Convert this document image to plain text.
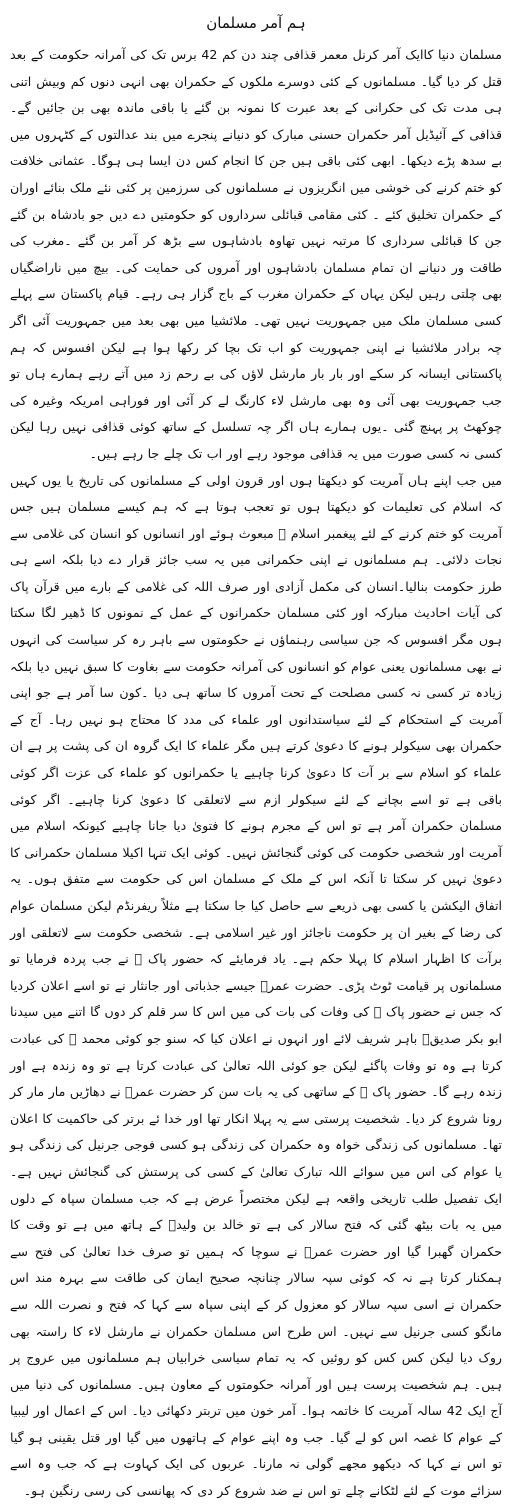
ہم آمر مسلمان

مسلمان دنیا کاایک آمر کرنل معمر قذافی چند دن کم 42 برس تک کی آمرانہ حکومت کے بعد قتل کر دیا گیا۔ مسلمانوں کے کئی دوسرے ملکوں کے حکمران بھی انہی دنوں کم وبیش اتنی ہی مدت تک کی حکرانی کے بعد عبرت کا نمونہ بن گئے یا باقی ماندہ بھی بن جائیں گے۔ قذافی کے آئیڈیل آمر حکمران حسنی مبارک کو دنیانے پنجرے میں بند عدالتوں کے کٹہروں میں بے سدھ پڑے دیکھا۔ ابھی کئی باقی ہیں جن کا انجام کس دن ایسا ہی ہوگا۔ عثمانی خلافت کو ختم کرنے کی خوشی میں انگریزوں نے مسلمانوں کی سرزمین پر کئی نئے ملک بنائے اوران کے حکمران تخلیق کئے ۔ کئی مقامی قبائلی سرداروں کو حکومتیں دے دیں جو بادشاہ بن گئے جن کا قبائلی سرداری کا مرتبہ نہیں تھاوہ بادشاہوں سے بڑھ کر آمر بن گئے ۔مغرب کی طاقت ور دنیانے ان تمام مسلمان بادشاہوں اور آمروں کی حمایت کی۔ بیچ میں ناراضگیاں بھی چلتی رہیں لیکن یہاں کے حکمران مغرب کے باج گزار ہی رہے۔ قیام پاکستان سے پہلے کسی مسلمان ملک میں جمہوریت نہیں تھی۔ ملائشیا میں بھی بعد میں جمہوریت آئی اگر چہ برادر ملائشیا نے اپنی جمہوریت کو اب تک بچا کر رکھا ہوا ہے لیکن افسوس کہ ہم پاکستانی ایسانہ کر سکے اور بار بار مارشل لاؤں کی بے رحم زد میں آتے رہے ہمارے ہاں تو جب جمہوریت بھی آئی وہ بھی مارشل لاء کارنگ لے کر آئی اور فوراہی امریکہ وغیرہ کی چوکھٹ پر پہنچ گئی ۔یوں ہمارے ہاں اگر چہ تسلسل کے ساتھ کوئی قذافی نہیں رہا لیکن کسی نہ کسی صورت میں یہ قذافی موجود رہے اور اب تک چلے جا رہے ہیں۔

میں جب اپنے ہاں آمریت کو دیکھتا ہوں اور قرون اولی کے مسلمانوں کی تاریخ یا یوں کہیں کہ اسلام کی تعلیمات کو دیکھتا ہوں تو تعجب ہوتا ہے کہ ہم کیسے مسلمان ہیں جس آمریت کو ختم کرنے کے لئے پیغمبر اسلام ﷺ مبعوث ہوئے اور انسانوں کو انسان کی غلامی سے نجات دلائی۔ ہم مسلمانوں نے اپنی حکمرانی میں یہ سب جائز قرار دے دیا بلکہ اسے ہی طرز حکومت بنالیا۔انسان کی مکمل آزادی اور صرف اللہ کی غلامی کے بارے میں قرآن پاک کی آیات احادیث مبارکہ اور کئی مسلمان حکمرانوں کے عمل کے نمونوں کا ڈھیر لگا سکتا ہوں مگر افسوس کہ جن سیاسی رہنماؤں نے حکومتوں سے باہر رہ کر سیاست کی انہوں نے بھی مسلمانوں یعنی عوام کو انسانوں کی آمرانہ حکومت سے بغاوت کا سبق نہیں دیا بلکہ زیادہ تر کسی نہ کسی مصلحت کے تحت آمروں کا ساتھ ہی دیا ۔کون سا آمر ہے جو اپنی آمریت کے استحکام کے لئے سیاستدانوں اور علماء کی مدد کا محتاج ہو نہیں رہا۔ آج کے حکمران بھی سیکولر ہونے کا دعویٰ کرتے ہیں مگر علماء کا ایک گروہ ان کی پشت پر ہے ان علماء کو اسلام سے بر آت کا دعویٰ کرنا چاہیے یا حکمرانوں کو علماء کی عزت اگر کوئی باقی ہے تو اسے بچانے کے لئے سیکولر ازم سے لاتعلقی کا دعویٰ کرنا چاہیے۔ اگر کوئی مسلمان حکمران آمر ہے تو اس کے مجرم ہونے کا فتویٰ دیا جانا چاہیے کیونکہ اسلام میں آمریت اور شخصی حکومت کی کوئی گنجائش نہیں۔ کوئی ایک تنہا اکیلا مسلمان حکمرانی کا دعویٰ نہیں کر سکتا تا آنکہ اس کے ملک کے مسلمان اس کی حکومت سے متفق ہوں۔ یہ اتفاق الیکشن یا کسی بھی ذریعے سے حاصل کیا جا سکتا ہے مثلاً ریفرنڈم لیکن مسلمان عوام کی رضا کے بغیر ان پر حکومت ناجائز اور غیر اسلامی ہے۔ شخصی حکومت سے لاتعلقی اور برآت کا اظہار اسلام کا پہلا حکم ہے۔ یاد فرمایئے کہ حضور پاک ﷺ نے جب پردہ فرمایا تو مسلمانوں پر قیامت ٹوٹ پڑی۔ حضرت عمرؓ جیسے جذباتی اور جانثار نے تو اسے اعلان کردیا کہ جس نے حضور پاک ﷺ کی وفات کی بات کی میں اس کا سر قلم کر دوں گا اتنے میں سیدنا ابو بکر صدیقؓ باہر شریف لائے اور انہوں نے اعلان کیا کہ سنو جو کوئی محمد ﷺ کی عبادت کرتا ہے وہ تو وفات پاگئے لیکن جو کوئی اللہ تعالیٰ کی عبادت کرتا ہے تو وہ زندہ ہے اور زندہ رہے گا۔ حضور پاک ﷺ کے ساتھی کی یہ بات سن کر حضرت عمرؓ نے دھاڑیں مار مار کر رونا شروع کر دیا۔ شخصیت پرستی سے یہ پہلا انکار تھا اور خدا ئے برتر کی حاکمیت کا اعلان تھا۔ مسلمانوں کی زندگی خواہ وہ حکمران کی زندگی ہو کسی فوجی جرنیل کی زندگی ہو یا عوام کی اس میں سوائے اللہ تبارک تعالیٰ کے کسی کی پرستش کی گنجائش نہیں ہے۔ ایک تفصیل طلب تاریخی واقعہ ہے لیکن مختصراً عرض ہے کہ جب مسلمان سپاہ کے دلوں میں یہ بات بیٹھ گئی کہ فتح سالار کی ہے تو خالد بن ولیدؓ کے ہاتھ میں ہے تو وقت کا حکمران گھبرا گیا اور حضرت عمرؓ نے سوچا کہ ہمیں تو صرف خدا تعالیٰ کی فتح سے ہمکنار کرتا ہے نہ کہ کوئی سپہ سالار چنانچہ صحیح ایمان کی طاقت سے بہرہ مند اس حکمران نے اسی سپہ سالار کو معزول کر کے اپنی سپاہ سے کہا کہ فتح و نصرت اللہ سے مانگو کسی جرنیل سے نہیں۔ اس طرح اس مسلمان حکمران نے مارشل لاء کا راستہ بھی روک دیا لیکن کس کس کو روئیں کہ یہ تمام سیاسی خرابیاں ہم مسلمانوں میں عروج پر ہیں۔ ہم شخصیت پرست ہیں اور آمرانہ حکومتوں کے معاون ہیں۔ مسلمانوں کی دنیا میں آج ایک 42 سالہ آمریت کا خاتمہ ہوا۔ آمر خون میں تربتر دکھائی دیا۔ اس کے اعمال اور لیبیا کے عوام کا غصہ اس کو لے گیا۔ جب وہ اپنے عوام کے ہاتھوں میں گیا اور قتل یقینی ہو گیا تو اس نے کہا کہ دیکھو مجھے گولی نہ مارنا۔ عربوں کی ایک کہاوت ہے کہ جب وہ اسے سزائے موت کے لئے لٹکانے چلے تو اس نے ضد شروع کر دی کہ پھانسی کی رسی رنگین ہو۔
